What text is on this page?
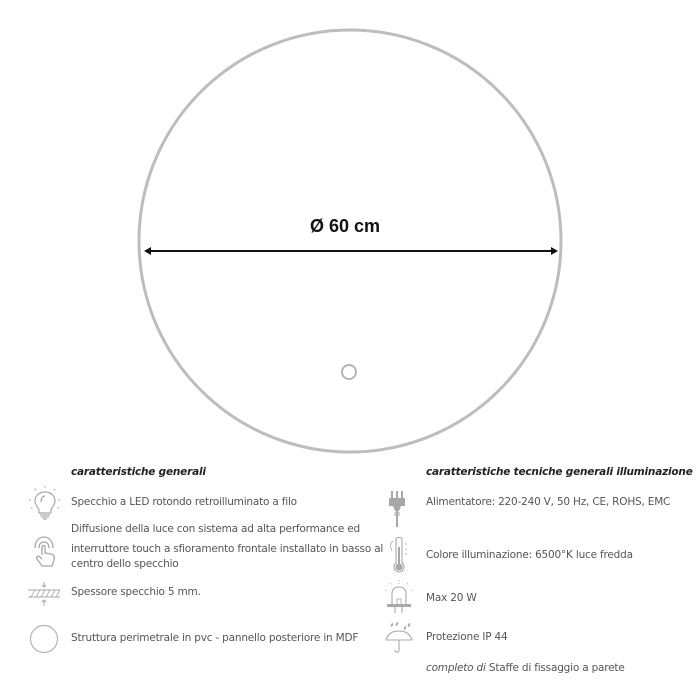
Ø 60 cm
caratteristiche generali
Specchio a LED rotondo retroilluminato a filo
Diffusione della luce con sistema ad alta performance ed
interruttore touch a sfioramento frontale installato in basso al
centro dello specchio
Spessore specchio 5 mm.
Struttura perimetrale in pvc - pannello posteriore in MDF
caratteristiche tecniche generali illuminazione
Alimentatore: 220-240 V, 50 Hz, CE, ROHS, EMC
Colore illuminazione: 6500°K luce fredda
Max 20 W
Protezione IP 44
completo di Staffe di fissaggio a parete
